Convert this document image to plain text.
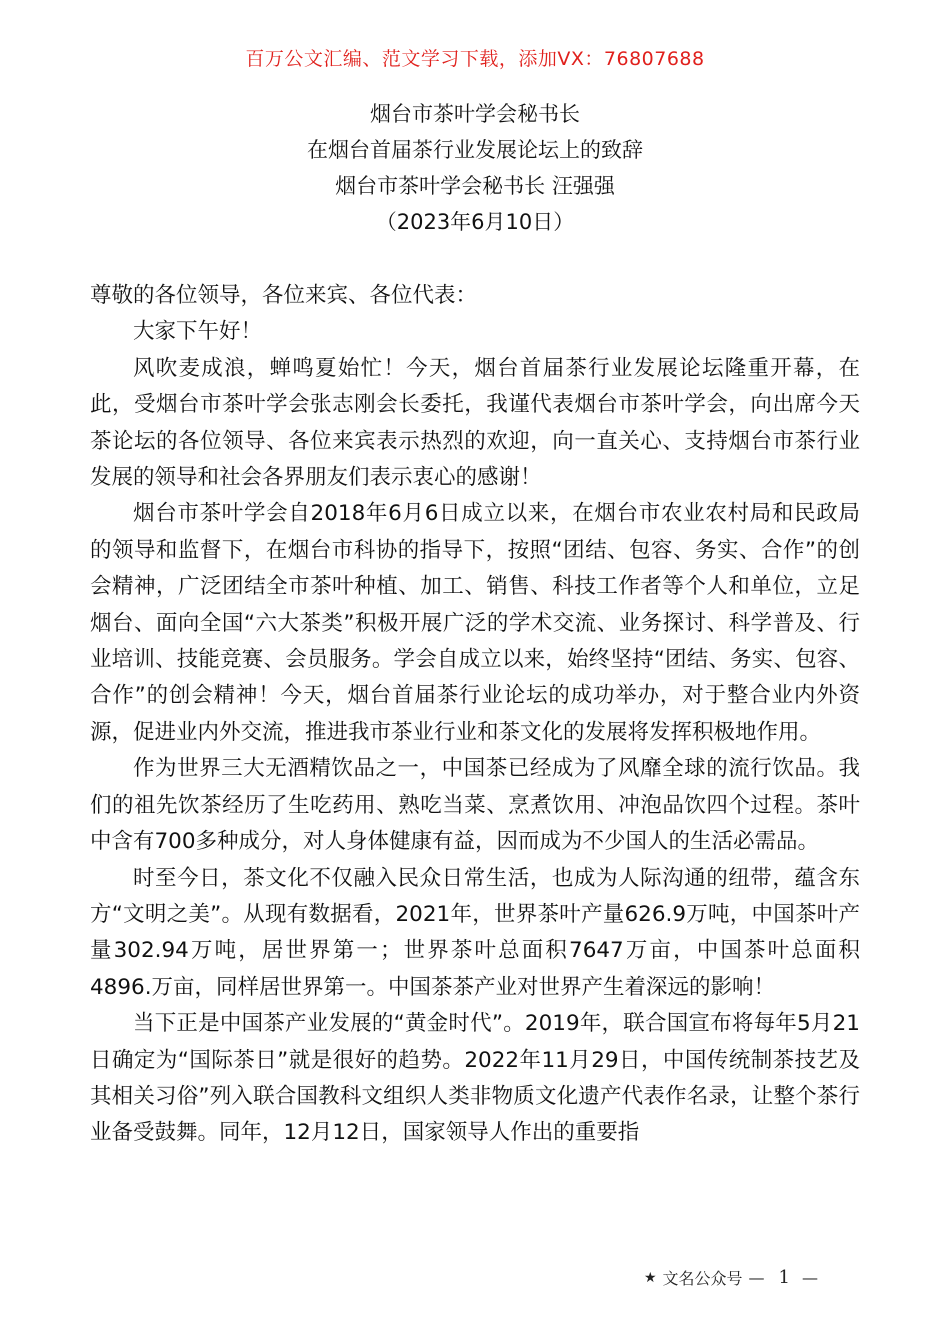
百万公文汇编、范文学习下载，添加VX：76807688
烟台市茶叶学会秘书长
在烟台首届茶行业发展论坛上的致辞
烟台市茶叶学会秘书长 汪强强
（2023年6月10日）

尊敬的各位领导，各位来宾、各位代表：

大家下午好！

风吹麦成浪，蝉鸣夏始忙！今天，烟台首届茶行业发展论坛隆重开幕，在此，受烟台市茶叶学会张志刚会长委托，我谨代表烟台市茶叶学会，向出席今天茶论坛的各位领导、各位来宾表示热烈的欢迎，向一直关心、支持烟台市茶行业发展的领导和社会各界朋友们表示衷心的感谢！

烟台市茶叶学会自2018年6月6日成立以来，在烟台市农业农村局和民政局的领导和监督下，在烟台市科协的指导下，按照“团结、包容、务实、合作”的创会精神，广泛团结全市茶叶种植、加工、销售、科技工作者等个人和单位，立足烟台、面向全国“六大茶类”积极开展广泛的学术交流、业务探讨、科学普及、行业培训、技能竞赛、会员服务。学会自成立以来，始终坚持“团结、务实、包容、合作”的创会精神！今天，烟台首届茶行业论坛的成功举办，对于整合业内外资源，促进业内外交流，推进我市茶业行业和茶文化的发展将发挥积极地作用。

作为世界三大无酒精饮品之一，中国茶已经成为了风靡全球的流行饮品。我们的祖先饮茶经历了生吃药用、熟吃当菜、烹煮饮用、冲泡品饮四个过程。茶叶中含有700多种成分，对人身体健康有益，因而成为不少国人的生活必需品。

时至今日，茶文化不仅融入民众日常生活，也成为人际沟通的纽带，蕴含东方“文明之美”。从现有数据看，2021年，世界茶叶产量626.9万吨，中国茶叶产量302.94万吨，居世界第一；世界茶叶总面积7647万亩，中国茶叶总面积4896.万亩，同样居世界第一。中国茶茶产业对世界产生着深远的影响！

当下正是中国茶产业发展的“黄金时代”。2019年，联合国宣布将每年5月21日确定为“国际茶日”就是很好的趋势。2022年11月29日，中国传统制茶技艺及其相关习俗”列入联合国教科文组织人类非物质文化遗产代表作名录，让整个茶行业备受鼓舞。同年，12月12日，国家领导人作出的重要指

★ 文名公众号 — 1 —
